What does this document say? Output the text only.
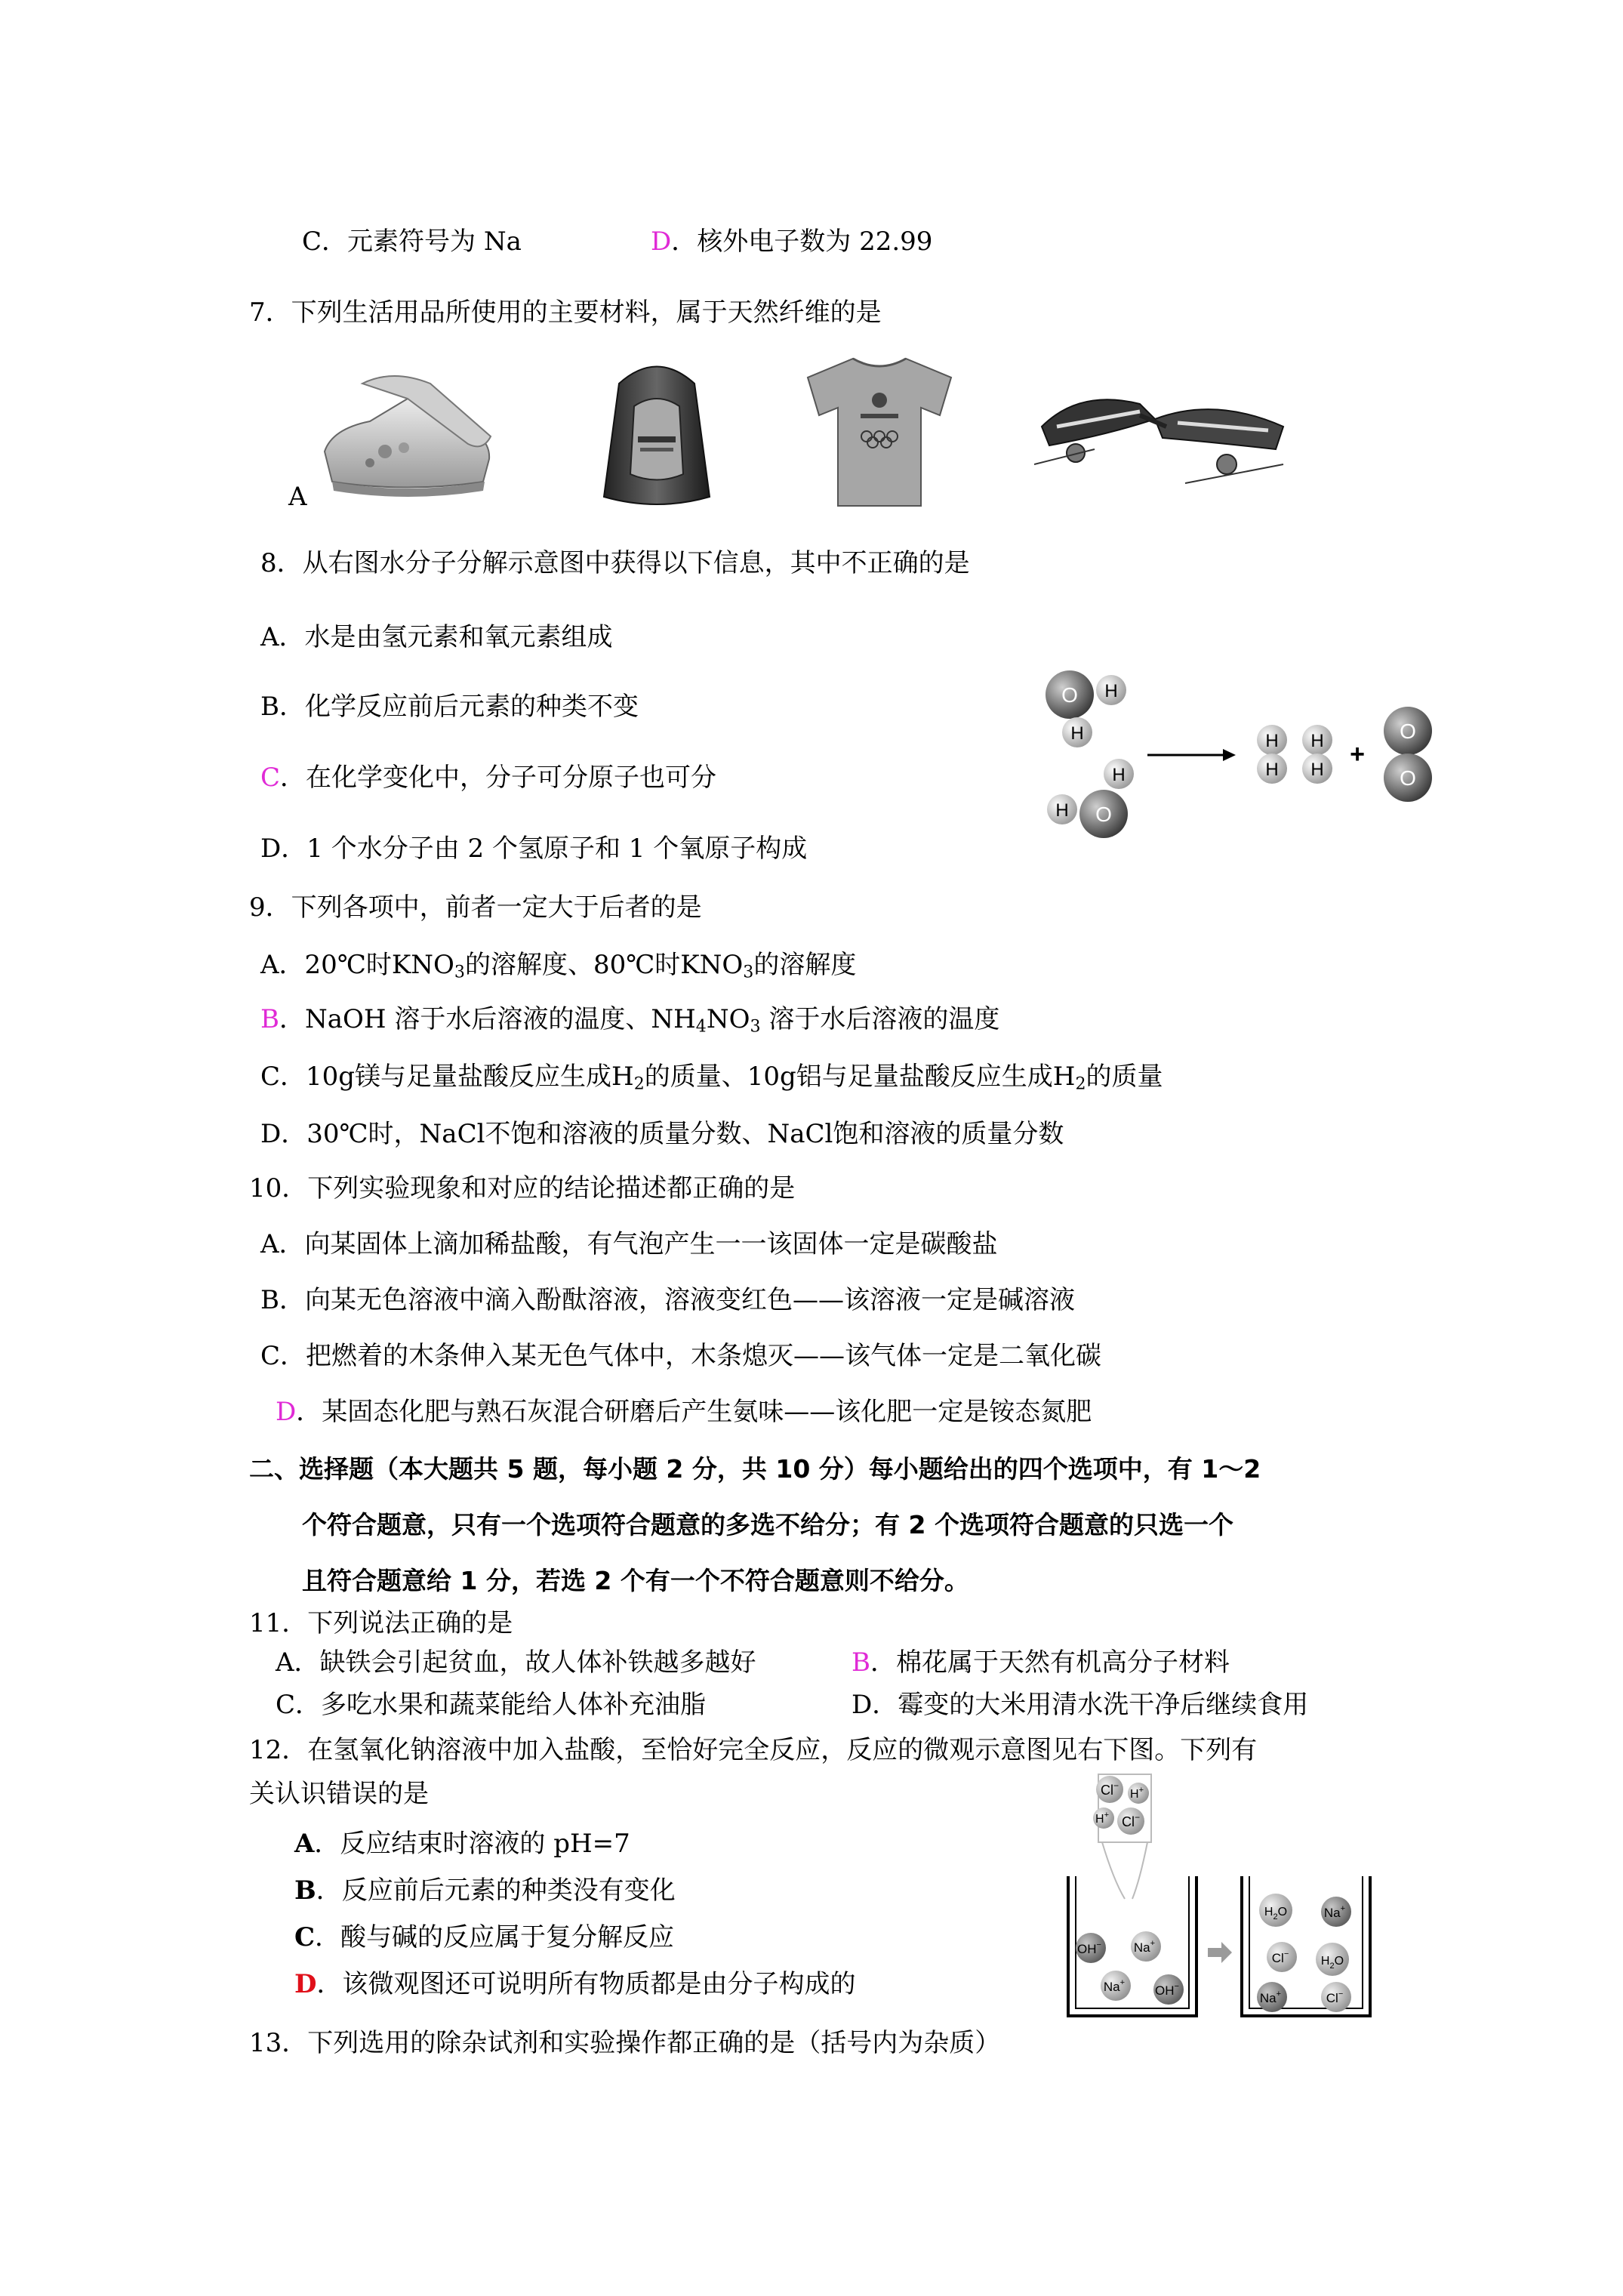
C．元素符号为 Na	D．核外电子数为 22.99
7．下列生活用品所使用的主要材料，属于天然纤维的是
A
8．从右图水分子分解示意图中获得以下信息，其中不正确的是
A．水是由氢元素和氧元素组成
B．化学反应前后元素的种类不变
C．在化学变化中，分子可分原子也可分
D．1 个水分子由 2 个氢原子和 1 个氧原子构成
O H
H
H
O
H
H
H
H
H
+
O
O
9．下列各项中，前者一定大于后者的是
A．20℃时$KNO_3$的溶解度、80℃时$KNO_3$的溶解度
B．NaOH 溶于水后溶液的温度、$NH_4NO_3$ 溶于水后溶液的温度
C．10g镁与足量盐酸反应生成$H_2$的质量、10g铝与足量盐酸反应生成$H_2$的质量
D．30℃时，NaCl不饱和溶液的质量分数、NaCl饱和溶液的质量分数
10．下列实验现象和对应的结论描述都正确的是
A．向某固体上滴加稀盐酸，有气泡产生一一该固体一定是碳酸盐
B．向某无色溶液中滴入酚酞溶液，溶液变红色——该溶液一定是碱溶液
C．把燃着的木条伸入某无色气体中，木条熄灭——该气体一定是二氧化碳
D．某固态化肥与熟石灰混合研磨后产生氨味——该化肥一定是铵态氮肥
二、选择题（本大题共 5 题，每小题 2 分，共 10 分）每小题给出的四个选项中，有 1～2
个符合题意，只有一个选项符合题意的多选不给分；有 2 个选项符合题意的只选一个
且符合题意给 1 分，若选 2 个有一个不符合题意则不给分。
11．下列说法正确的是
A．缺铁会引起贫血，故人体补铁越多越好	B．棉花属于天然有机高分子材料
C．多吃水果和蔬菜能给人体补充油脂	D．霉变的大米用清水洗干净后继续食用
12．在氢氧化钠溶液中加入盐酸，至恰好完全反应，反应的微观示意图见右下图。下列有
关认识错误的是
A．反应结束时溶液的 pH=7
B．反应前后元素的种类没有变化
C．酸与碱的反应属于复分解反应
D．该微观图还可说明所有物质都是由分子构成的
Cl−
H+
H+ Cl−
OH−	Na+
Na+
OH−
$H_2O$	Na+
Cl−
$H_2O$
Na+	Cl−
13．下列选用的除杂试剂和实验操作都正确的是（括号内为杂质）
